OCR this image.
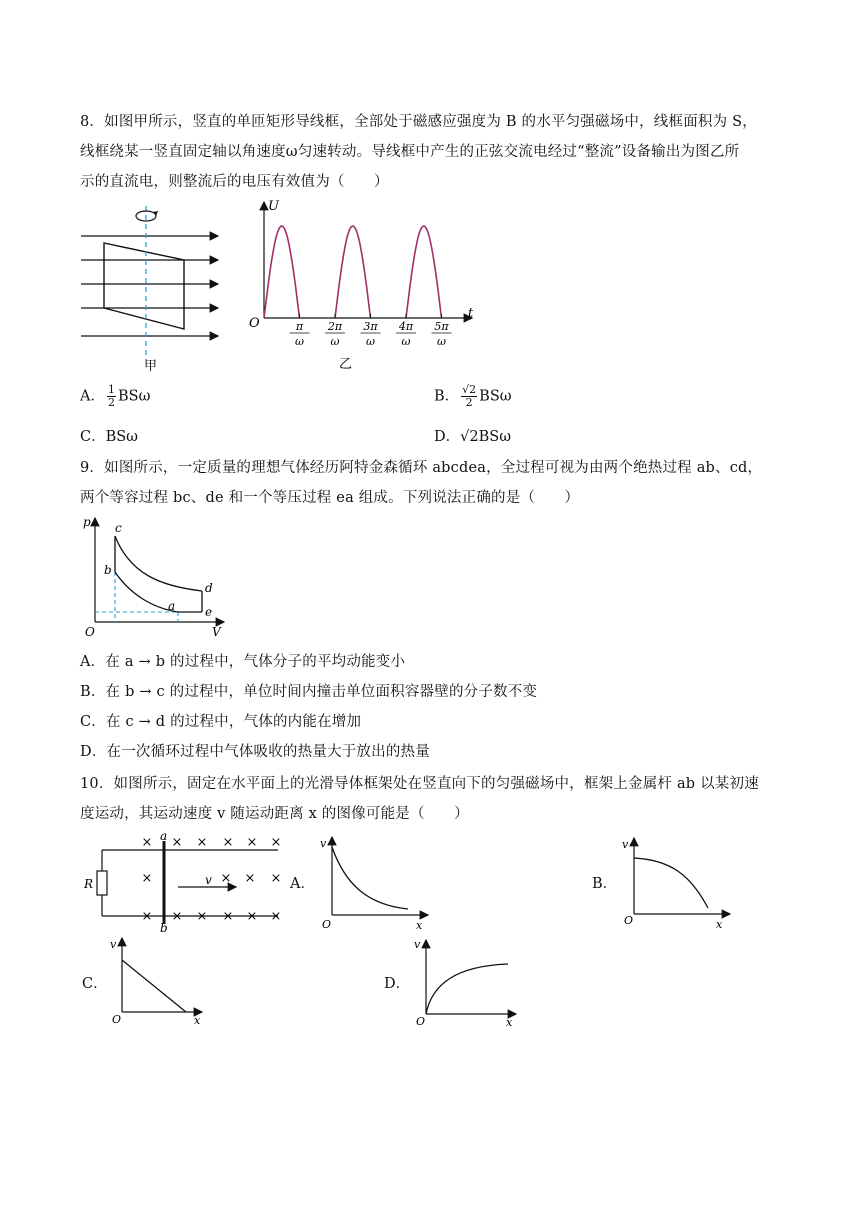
8．如图甲所示，竖直的单匝矩形导线框，全部处于磁感应强度为 B 的水平匀强磁场中，线框面积为 S，
线框绕某一竖直固定轴以角速度ω匀速转动。导线框中产生的正弦交流电经过“整流”设备输出为图乙所
示的直流电，则整流后的电压有效值为（　　）
甲
U
t
O	π
ω
2π
ω
3π
ω
4π
ω
5π
ω
乙
A． $\frac{1}{2}$ BSω	B． $\frac{√2}{2}$ BSω
C．BSω	D．√2BSω
9．如图所示，一定质量的理想气体经历阿特金森循环 abcdea，全过程可视为由两个绝热过程 ab、cd，
两个等容过程 bc、de 和一个等压过程 ea 组成。下列说法正确的是（　　）
p
V
O
c
b
a
d
e
A．在 a → b 的过程中，气体分子的平均动能变小
B．在 b → c 的过程中，单位时间内撞击单位面积容器壁的分子数不变
C．在 c → d 的过程中，气体的内能在增加
D．在一次循环过程中气体吸收的热量大于放出的热量
10．如图所示，固定在水平面上的光滑导体框架处在竖直向下的匀强磁场中，框架上金属杆 ab 以某初速
度运动，其运动速度 v 随运动距离 x 的图像可能是（　　）
R
a
b
v
× × × × × ×
×	× × ×
× × × × × ×
A．
v
O	x
B．
v
O	x
C．
v
O	x
D．
v
O	x
